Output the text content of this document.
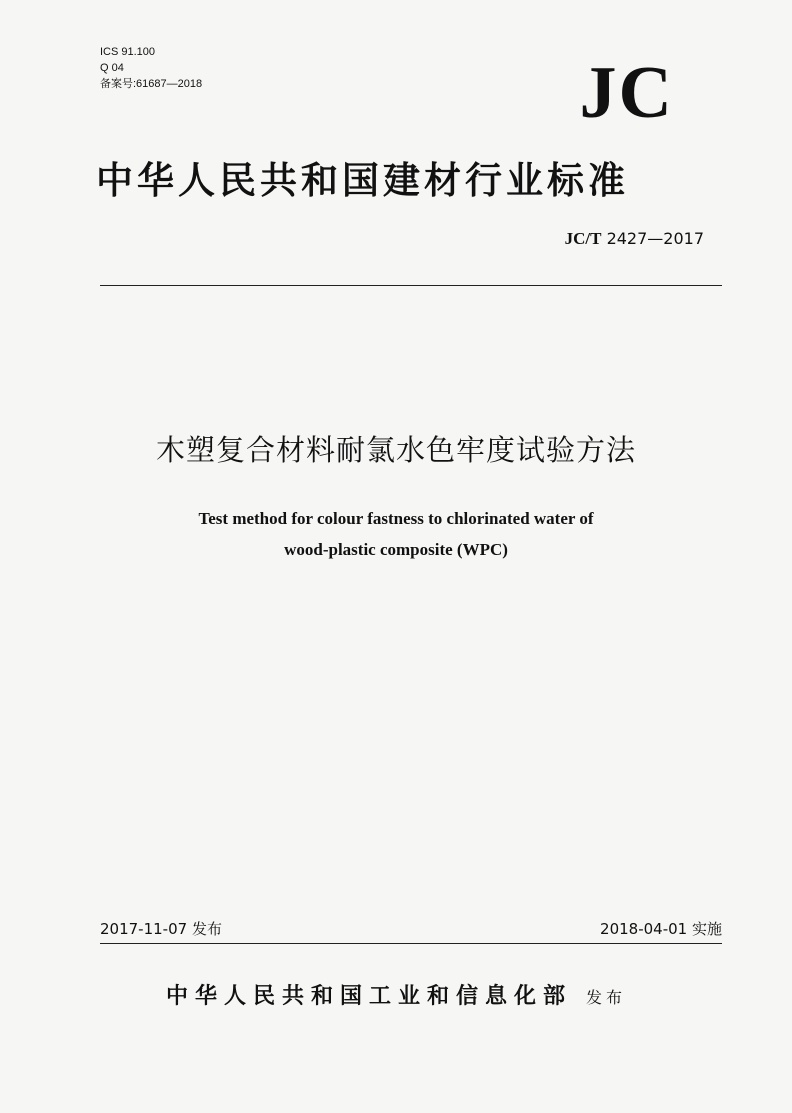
ICS 91.100
Q 04
备案号:61687—2018	JC
中华人民共和国建材行业标准
JC/T 2427—2017
木塑复合材料耐氯水色牢度试验方法
Test method for colour fastness to chlorinated water of
wood-plastic composite (WPC)
2017-11-07 发布	2018-04-01 实施
中华人民共和国工业和信息化部 发布
